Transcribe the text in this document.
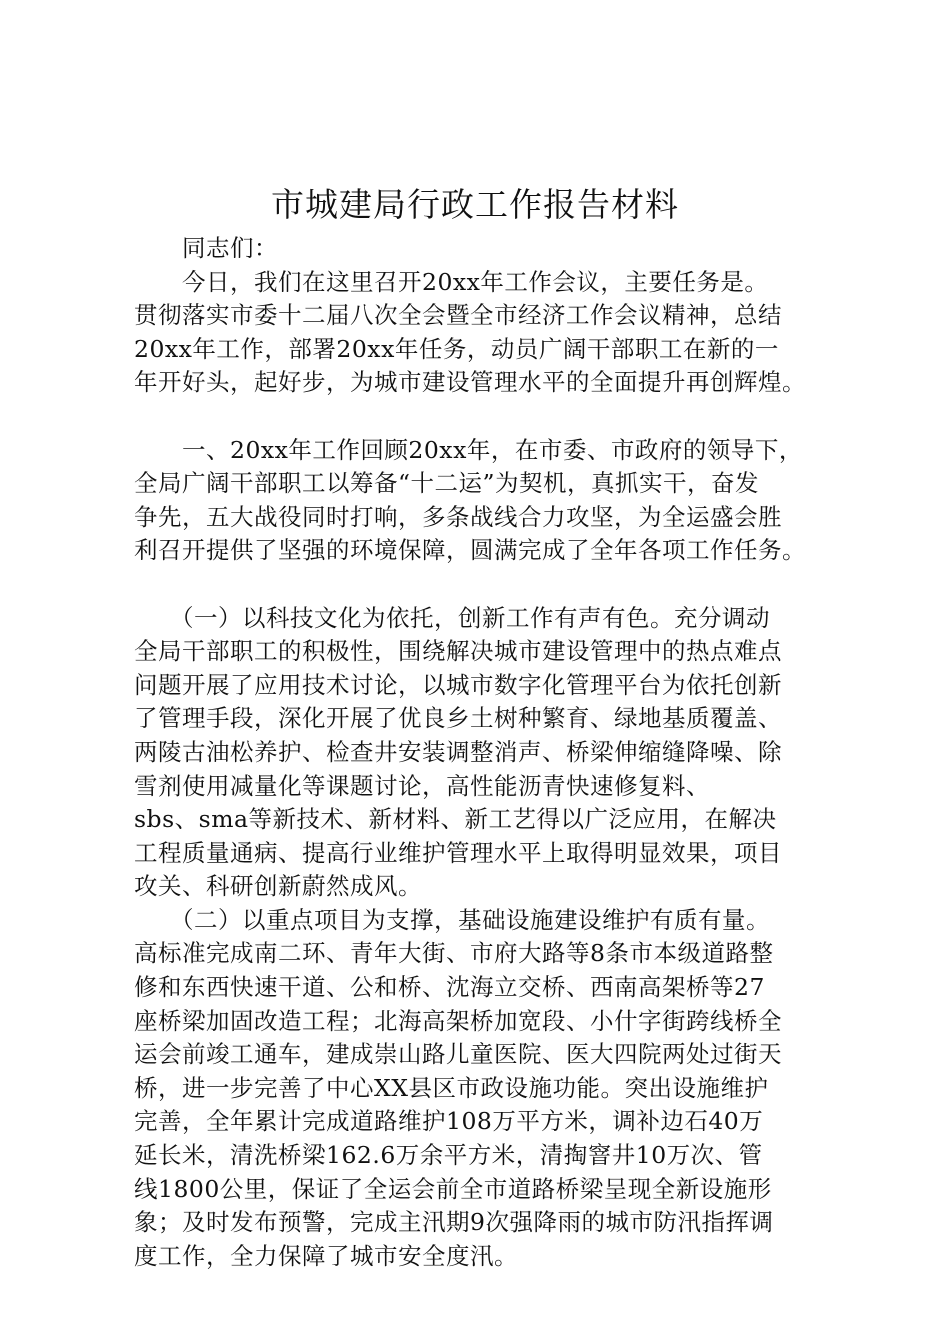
市城建局行政工作报告材料
同志们：
今日，我们在这里召开20xx年工作会议，主要任务是。
贯彻落实市委十二届八次全会暨全市经济工作会议精神，总结
20xx年工作，部署20xx年任务，动员广阔干部职工在新的一
年开好头，起好步，为城市建设管理水平的全面提升再创辉煌。
一、20xx年工作回顾20xx年，在市委、市政府的领导下，
全局广阔干部职工以筹备“十二运”为契机，真抓实干，奋发
争先，五大战役同时打响，多条战线合力攻坚，为全运盛会胜
利召开提供了坚强的环境保障，圆满完成了全年各项工作任务。
（一）以科技文化为依托，创新工作有声有色。充分调动
全局干部职工的积极性，围绕解决城市建设管理中的热点难点
问题开展了应用技术讨论，以城市数字化管理平台为依托创新
了管理手段，深化开展了优良乡土树种繁育、绿地基质覆盖、
两陵古油松养护、检查井安装调整消声、桥梁伸缩缝降噪、除
雪剂使用减量化等课题讨论，高性能沥青快速修复料、
sbs、sma等新技术、新材料、新工艺得以广泛应用，在解决
工程质量通病、提高行业维护管理水平上取得明显效果，项目
攻关、科研创新蔚然成风。
（二）以重点项目为支撑，基础设施建设维护有质有量。
高标准完成南二环、青年大街、市府大路等8条市本级道路整
修和东西快速干道、公和桥、沈海立交桥、西南高架桥等27
座桥梁加固改造工程；北海高架桥加宽段、小什字街跨线桥全
运会前竣工通车，建成崇山路儿童医院、医大四院两处过街天
桥，进一步完善了中心XX县区市政设施功能。突出设施维护
完善，全年累计完成道路维护108万平方米，调补边石40万
延长米，清洗桥梁162.6万余平方米，清掏窨井10万次、管
线1800公里，保证了全运会前全市道路桥梁呈现全新设施形
象；及时发布预警，完成主汛期9次强降雨的城市防汛指挥调
度工作，全力保障了城市安全度汛。
